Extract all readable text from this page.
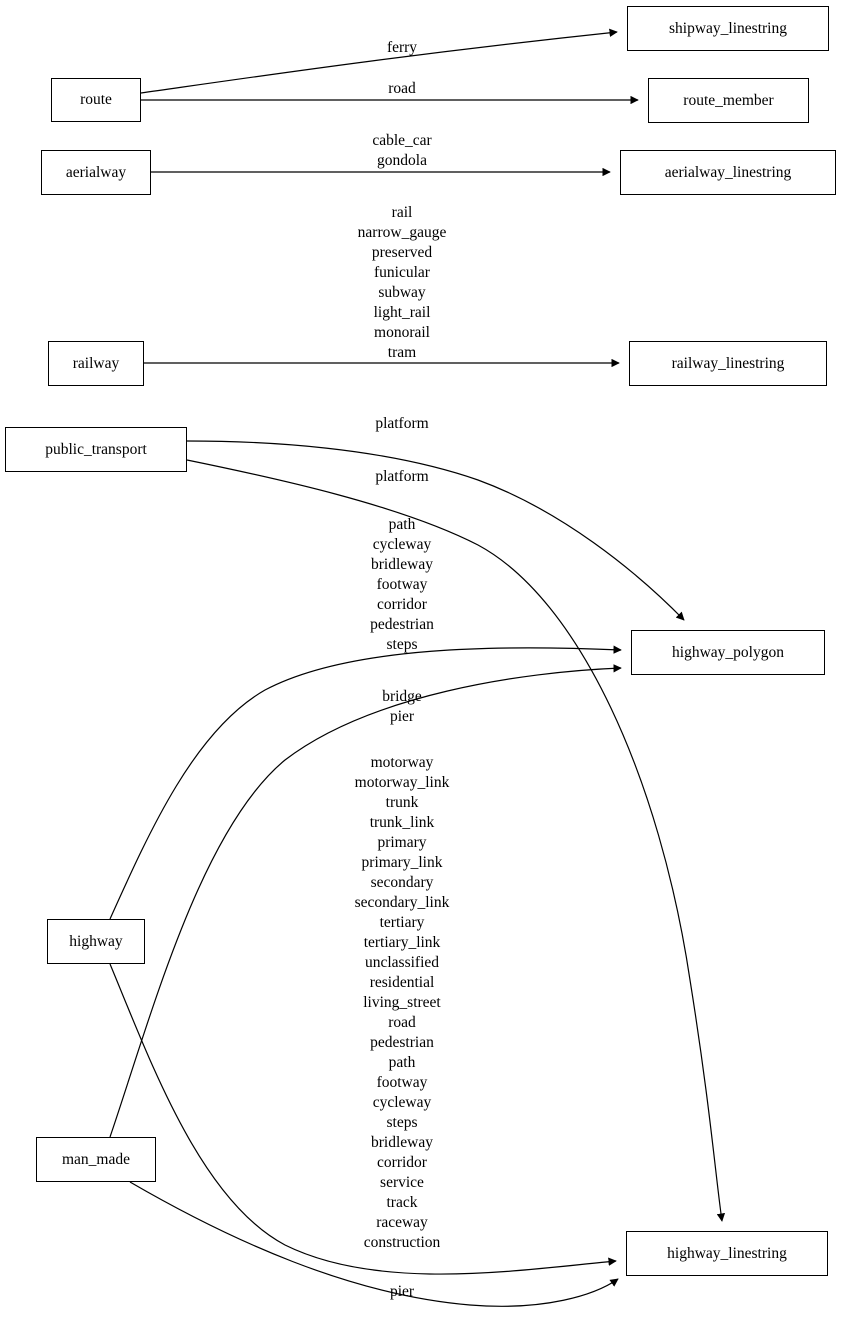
ferry
road
cable_car
gondola
rail
narrow_gauge
preserved
funicular
subway
light_rail
monorail
tram
platform
platform
path
cycleway
bridleway
footway
corridor
pedestrian
steps
bridge
pier
motorway
motorway_link
trunk
trunk_link
primary
primary_link
secondary
secondary_link
tertiary
tertiary_link
unclassified
residential
living_street
road
pedestrian
path
footway
cycleway
steps
bridleway
corridor
service
track
raceway
construction
pier
route
shipway_linestring
route_member
aerialway	aerialway_linestring
railway	railway_linestring
public_transport
highway_polygon
highway
man_made
highway_linestring
